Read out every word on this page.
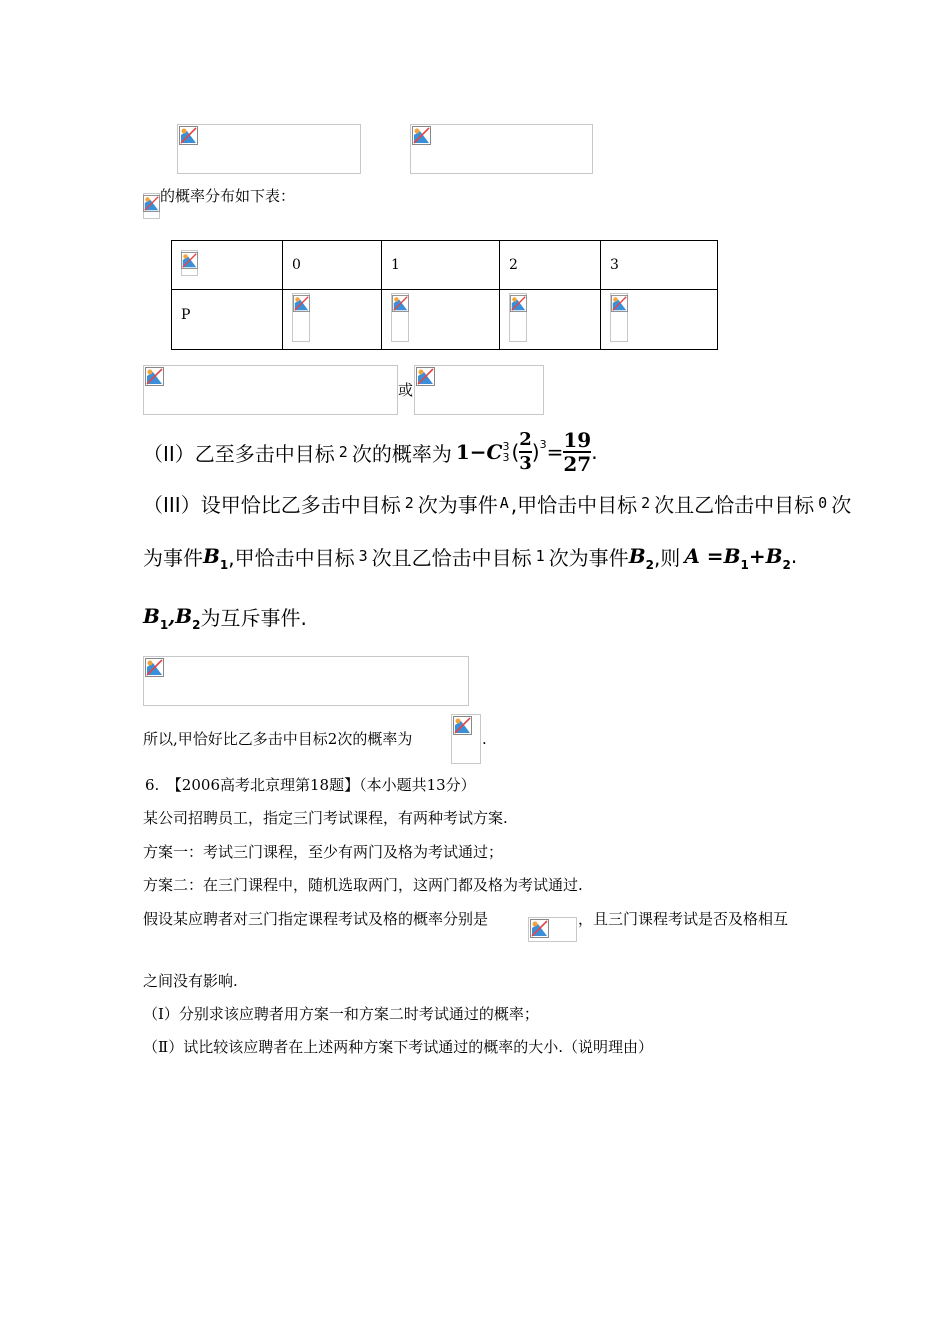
的概率分布如下表：
	0	1	2	3
P	

或
（II）乙至多击中目标 2 次的概率为 1− C 3
3 ( $\frac{2}{3}$ ) $3 = \frac{19}{27}$ .
（III）设甲恰比乙多击中目标 2 次为事件 A ,甲恰击中目标 2 次且乙恰击中目标 0 次
为事件 B 1 ,甲恰击中目标 3 次且乙恰击中目标 1 次为事件 B 2 ,则 A = B 1 + B 2 .
B 1 , B 2 为互斥事件.
所以,甲恰好比乙多击中目标2次的概率为	.
6.　【2006高考北京理第18题】（本小题共13分）
某公司招聘员工，指定三门考试课程，有两种考试方案.
方案一：考试三门课程，至少有两门及格为考试通过；
方案二：在三门课程中，随机选取两门，这两门都及格为考试通过.
假设某应聘者对三门指定课程考试及格的概率分别是	，且三门课程考试是否及格相互
之间没有影响.
（Ⅰ）分别求该应聘者用方案一和方案二时考试通过的概率；
（Ⅱ）试比较该应聘者在上述两种方案下考试通过的概率的大小.（说明理由）
